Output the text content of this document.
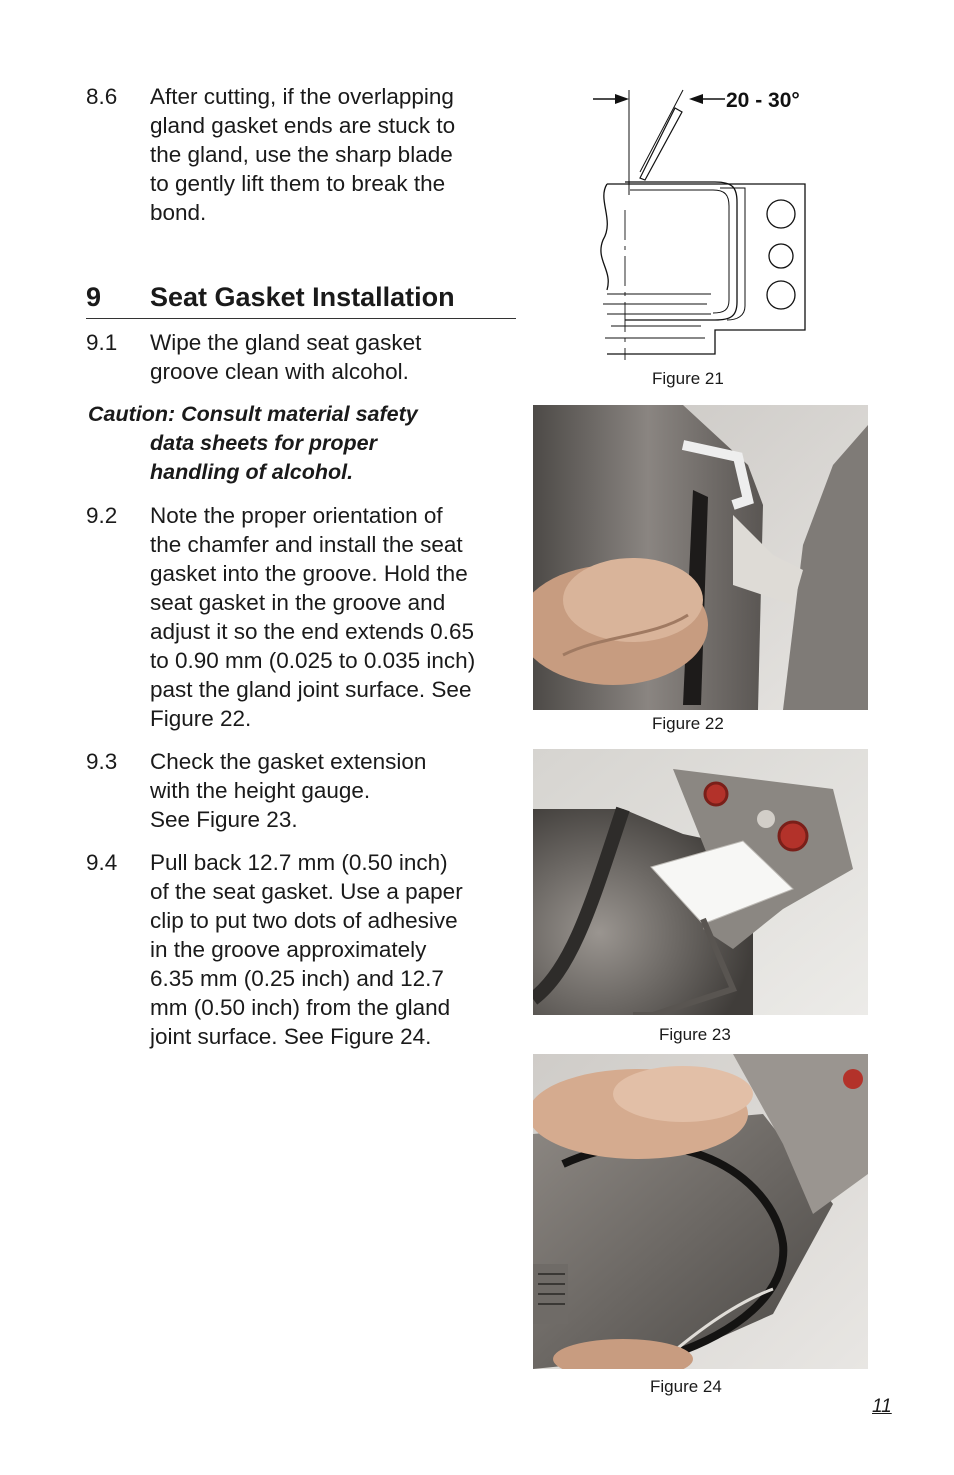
8.6 After cutting, if the overlapping
gland gasket ends are stuck to
the gland, use the sharp blade
to gently lift them to break the
bond.
9 Seat Gasket Installation
9.1 Wipe the gland seat gasket
groove clean with alcohol.
Caution: Consult material safety
data sheets for proper
handling of alcohol.
9.2 Note the proper orientation of
the chamfer and install the seat
gasket into the groove. Hold the
seat gasket in the groove and
adjust it so the end extends 0.65
to 0.90 mm (0.025 to 0.035 inch)
past the gland joint surface. See
Figure 22.
9.3 Check the gasket extension
with the height gauge.
See Figure 23.
9.4 Pull back 12.7 mm (0.50 inch)
of the seat gasket. Use a paper
clip to put two dots of adhesive
in the groove approximately
6.35 mm (0.25 inch) and 12.7
mm (0.50 inch) from the gland
joint surface. See Figure 24.
20 - 30°
Figure 21
Figure 22
Figure 23
Figure 24
11
